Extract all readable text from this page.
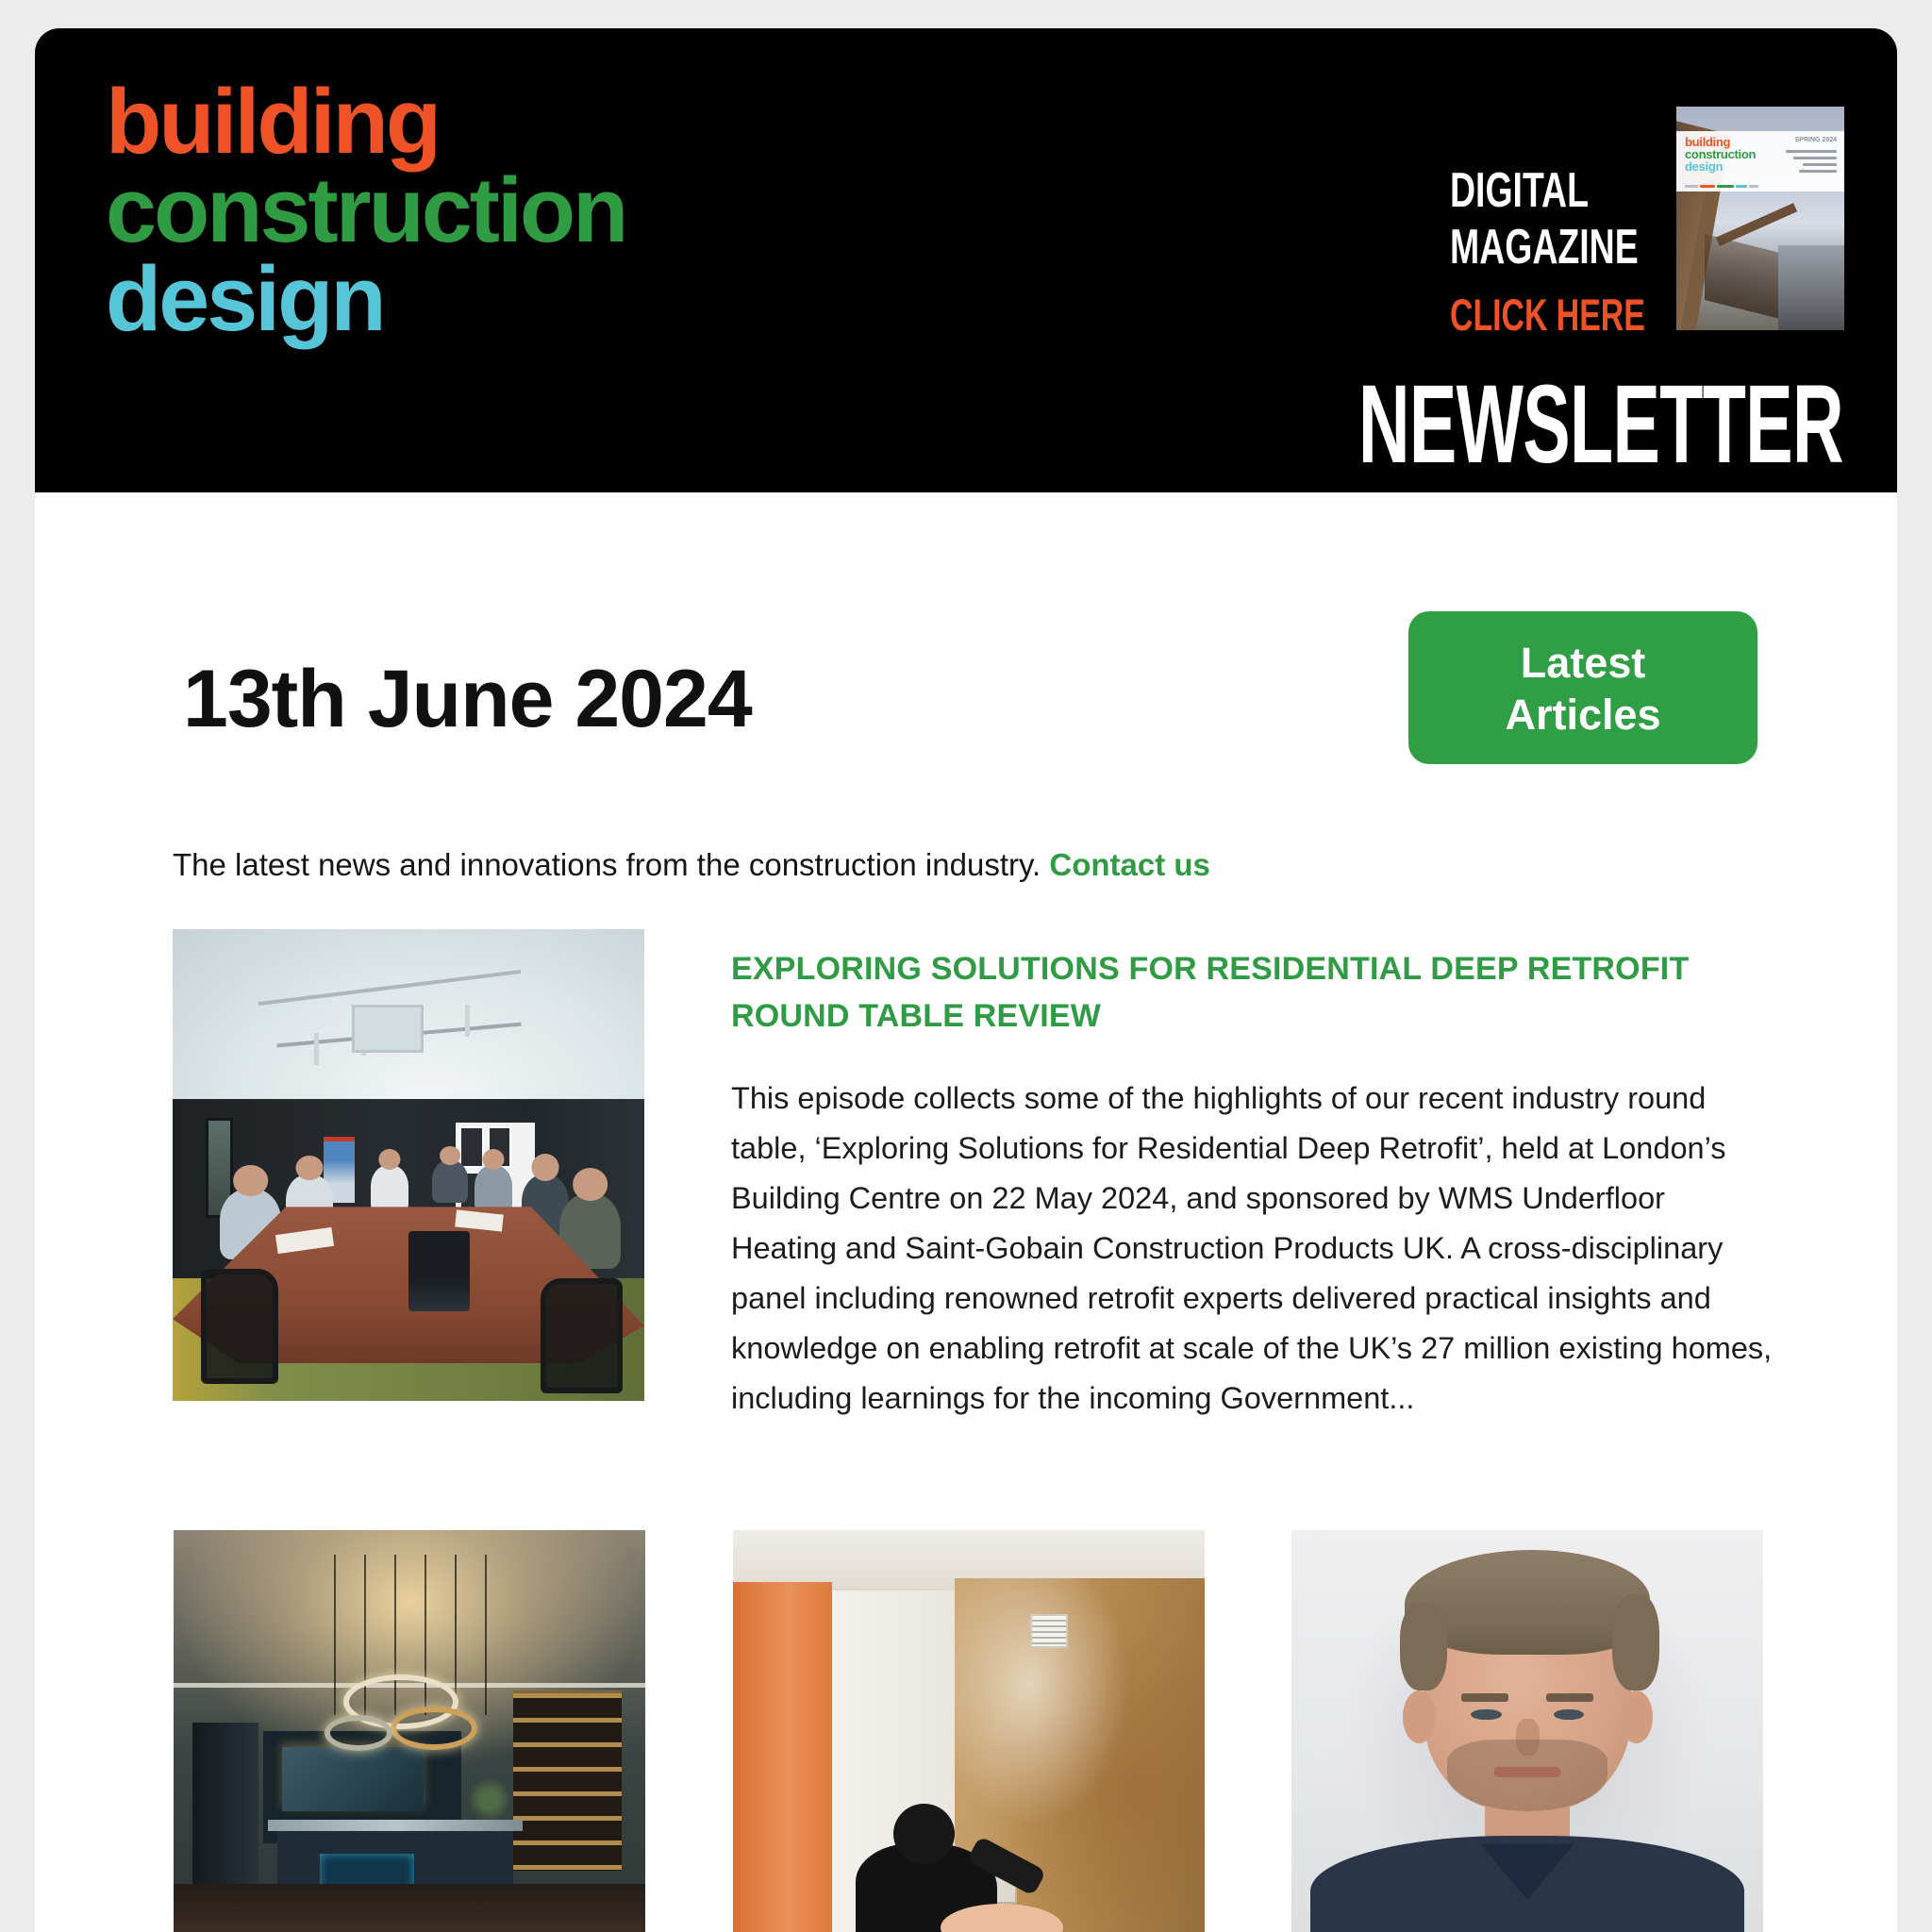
building
construction
design
DIGITAL
MAGAZINE
CLICK HERE
building
construction
design
SPRING 2024
NEWSLETTER
13th June 2024	Latest
Articles
The latest news and innovations from the construction industry. Contact us
EXPLORING SOLUTIONS FOR RESIDENTIAL DEEP RETROFIT ROUND TABLE REVIEW

This episode collects some of the highlights of our recent industry round table, ‘Exploring Solutions for Residential Deep Retrofit’, held at London’s Building Centre on 22 May 2024, and sponsored by WMS Underfloor Heating and Saint-Gobain Construction Products UK. A cross-disciplinary panel including renowned retrofit experts delivered practical insights and knowledge on enabling retrofit at scale of the UK’s 27 million existing homes, including learnings for the incoming Government...
